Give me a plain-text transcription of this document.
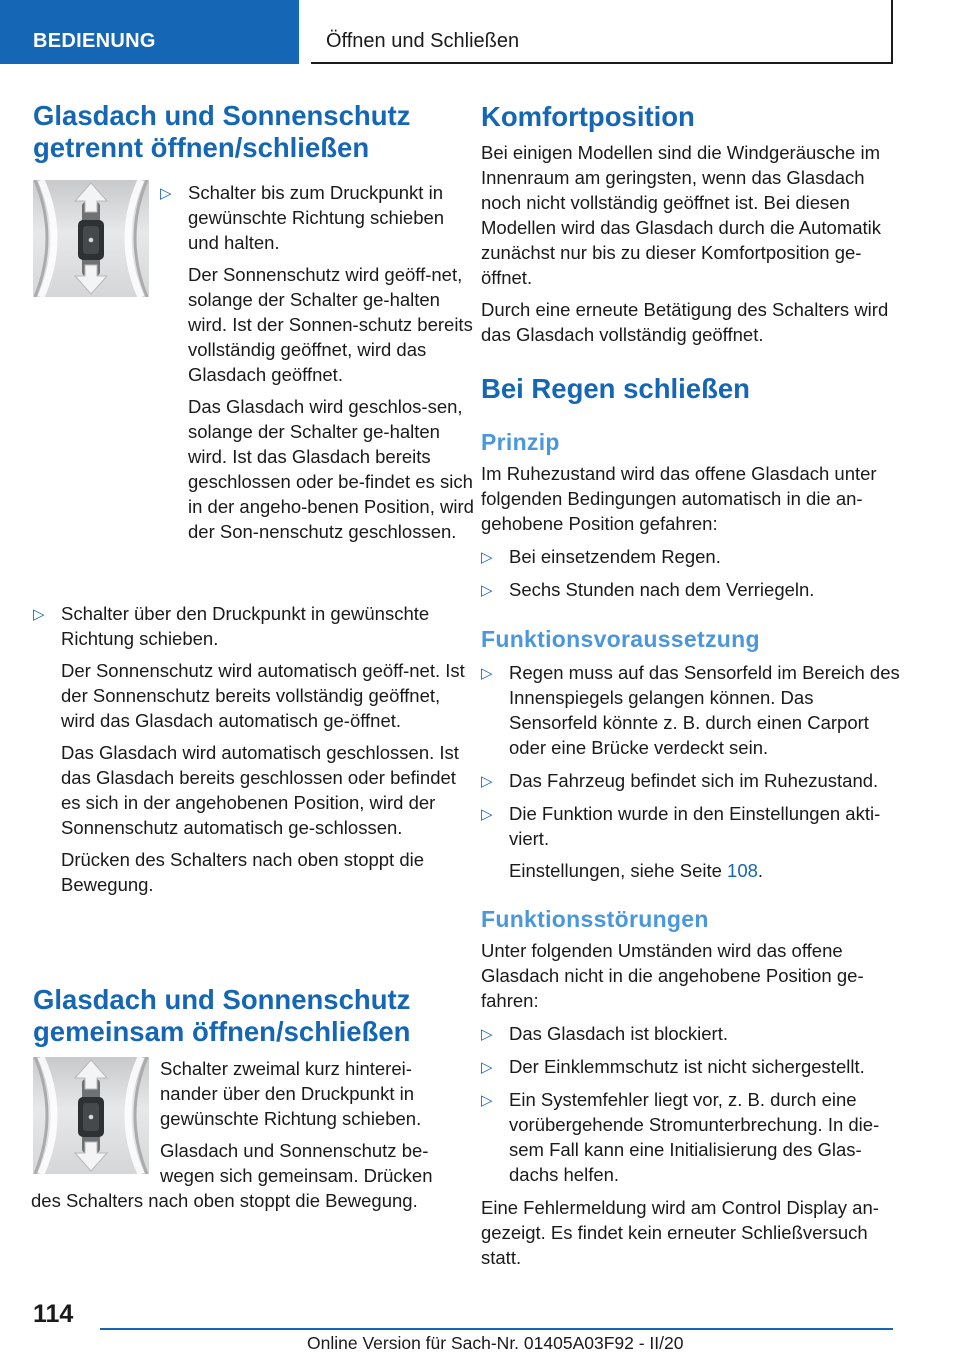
BEDIENUNG	Öffnen und Schließen
Glasdach und Sonnenschutz
getrennt öffnen/schließen
▷ Schalter bis zum Druckpunkt in gewünschte Richtung schieben und halten.

Der Sonnenschutz wird geöff-net, solange der Schalter ge-halten wird. Ist der Sonnen-schutz bereits vollständig geöffnet, wird das Glasdach geöffnet.

Das Glasdach wird geschlos-sen, solange der Schalter ge-halten wird. Ist das Glasdach bereits geschlossen oder be-findet es sich in der angeho-benen Position, wird der Son-nenschutz geschlossen.

▷ Schalter über den Druckpunkt in gewünschte Richtung schieben.

Der Sonnenschutz wird automatisch geöff-net. Ist der Sonnenschutz bereits vollständig geöffnet, wird das Glasdach automatisch ge-öffnet.

Das Glasdach wird automatisch geschlossen. Ist das Glasdach bereits geschlossen oder befindet es sich in der angehobenen Position, wird der Sonnenschutz automatisch ge-schlossen.

Drücken des Schalters nach oben stoppt die Bewegung.

Glasdach und Sonnenschutz
gemeinsam öffnen/schließen

Schalter zweimal kurz hinterei-nander über den Druckpunkt in gewünschte Richtung schieben.

Glasdach und Sonnenschutz be-wegen sich gemeinsam. Drücken

des Schalters nach oben stoppt die Bewegung.

Komfortposition

Bei einigen Modellen sind die Windgeräusche im Innenraum am geringsten, wenn das Glasdach noch nicht vollständig geöffnet ist. Bei diesen Modellen wird das Glasdach durch die Automatik zunächst nur bis zu dieser Komfortposition ge-öffnet.

Durch eine erneute Betätigung des Schalters wird das Glasdach vollständig geöffnet.

Bei Regen schließen
Prinzip

Im Ruhezustand wird das offene Glasdach unter folgenden Bedingungen automatisch in die an-gehobene Position gefahren:

▷ Bei einsetzendem Regen.

▷ Sechs Stunden nach dem Verriegeln.

Funktionsvoraussetzung
▷ Regen muss auf das Sensorfeld im Bereich des Innenspiegels gelangen können. Das Sensorfeld könnte z. B. durch einen Carport oder eine Brücke verdeckt sein.

▷ Das Fahrzeug befindet sich im Ruhezustand.

▷ Die Funktion wurde in den Einstellungen akti-viert.

Einstellungen, siehe Seite 108.

Funktionsstörungen

Unter folgenden Umständen wird das offene Glasdach nicht in die angehobene Position ge-fahren:

▷ Das Glasdach ist blockiert.

▷ Der Einklemmschutz ist nicht sichergestellt.

▷ Ein Systemfehler liegt vor, z. B. durch eine vorübergehende Stromunterbrechung. In die-sem Fall kann eine Initialisierung des Glas-dachs helfen.

Eine Fehlermeldung wird am Control Display an-gezeigt. Es findet kein erneuter Schließversuch statt.

114
Online Version für Sach-Nr. 01405A03F92 - II/20
